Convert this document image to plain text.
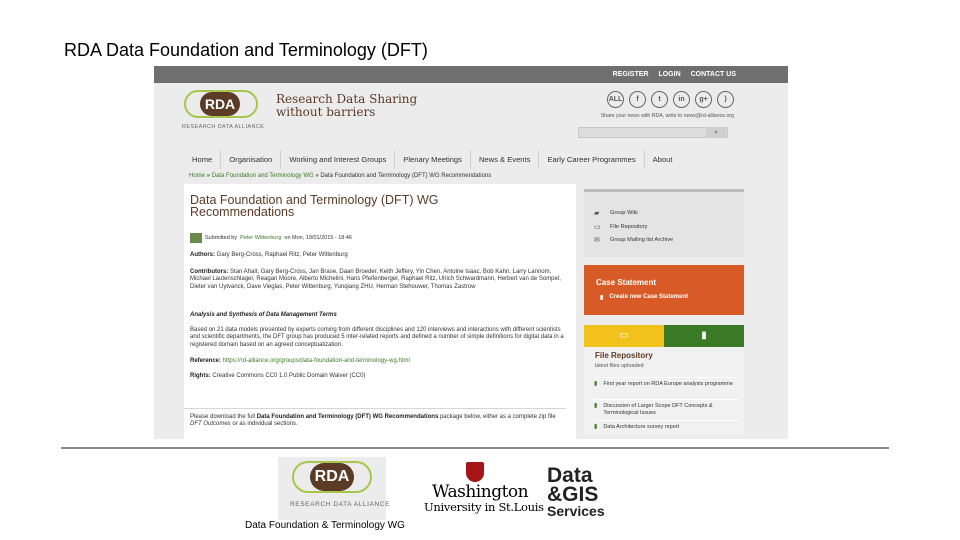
RDA Data Foundation and Terminology (DFT)
REGISTER LOGIN CONTACT US
RDA
RESEARCH DATA ALLIANCE
Research Data Sharing
without barriers
ALL	f	t	in	g+	)
Share your news with RDA, write to news@rd-alliance.org
⌕
Home	Organisation	Working and Interest Groups	Plenary Meetings	News & Events	Early Career Programmes	About
Home » Data Foundation and Terminology WG » Data Foundation and Terminology (DFT) WG Recommendations
Data Foundation and Terminology (DFT) WG Recommendations
Submitted by Peter Wittenburg on Mon, 19/01/2015 - 18:46
Authors: Gary Berg-Cross, Raphael Ritz, Peter Wittenburg
Contributors: Stan Ahalt, Gary Berg-Cross, Jan Brase, Daan Broeder, Keith Jeffery, Yin Chen, Antoine Isaac, Bob Kahn, Larry Lannom, Michael Lautenschlager, Reagan Moore, Alberto Michelini, Hans Pfeifenberger, Raphael Ritz, Ulrich Schwardmann, Herbert van de Sompel, Dieter van Uytvanck, Dave Vieglas, Peter Wittenburg, Yunqiang ZHU, Herman Stehouwer, Thomas Zastrow
Analysis and Synthesis of Data Management Terms
Based on 21 data models presented by experts coming from different disciplines and 120 interviews and interactions with different scientists and scientific departments, the DFT group has produced 5 inter-related reports and defined a number of simple definitions for digital data in a registered domain based on an agreed conceptualization.
Reference: https://rd-alliance.org/groups/data-foundation-and-terminology-wg.html
Rights: Creative Commons CC0 1.0 Public Domain Waiver (CC0)
Please download the full Data Foundation and Terminology (DFT) WG Recommendations package below, either as a complete zip file DFT Outcomes or as individual sections.
▰	Group Wiki
▭ File Repository
✉	Group Mailing list Archive
Case Statement
▮ Create new Case Statement
▭	▮
File Repository
latest files uploaded
▮ First year report on RDA Europe analysis programme
▮ Discussion of Larger Scope DFT Concepts & Terminological Issues
▮ Data Architecture survey report
RDA
RESEARCH DATA ALLIANCE
Washington
University in St.Louis
Data
&GIS
Services
Data Foundation & Terminology WG
